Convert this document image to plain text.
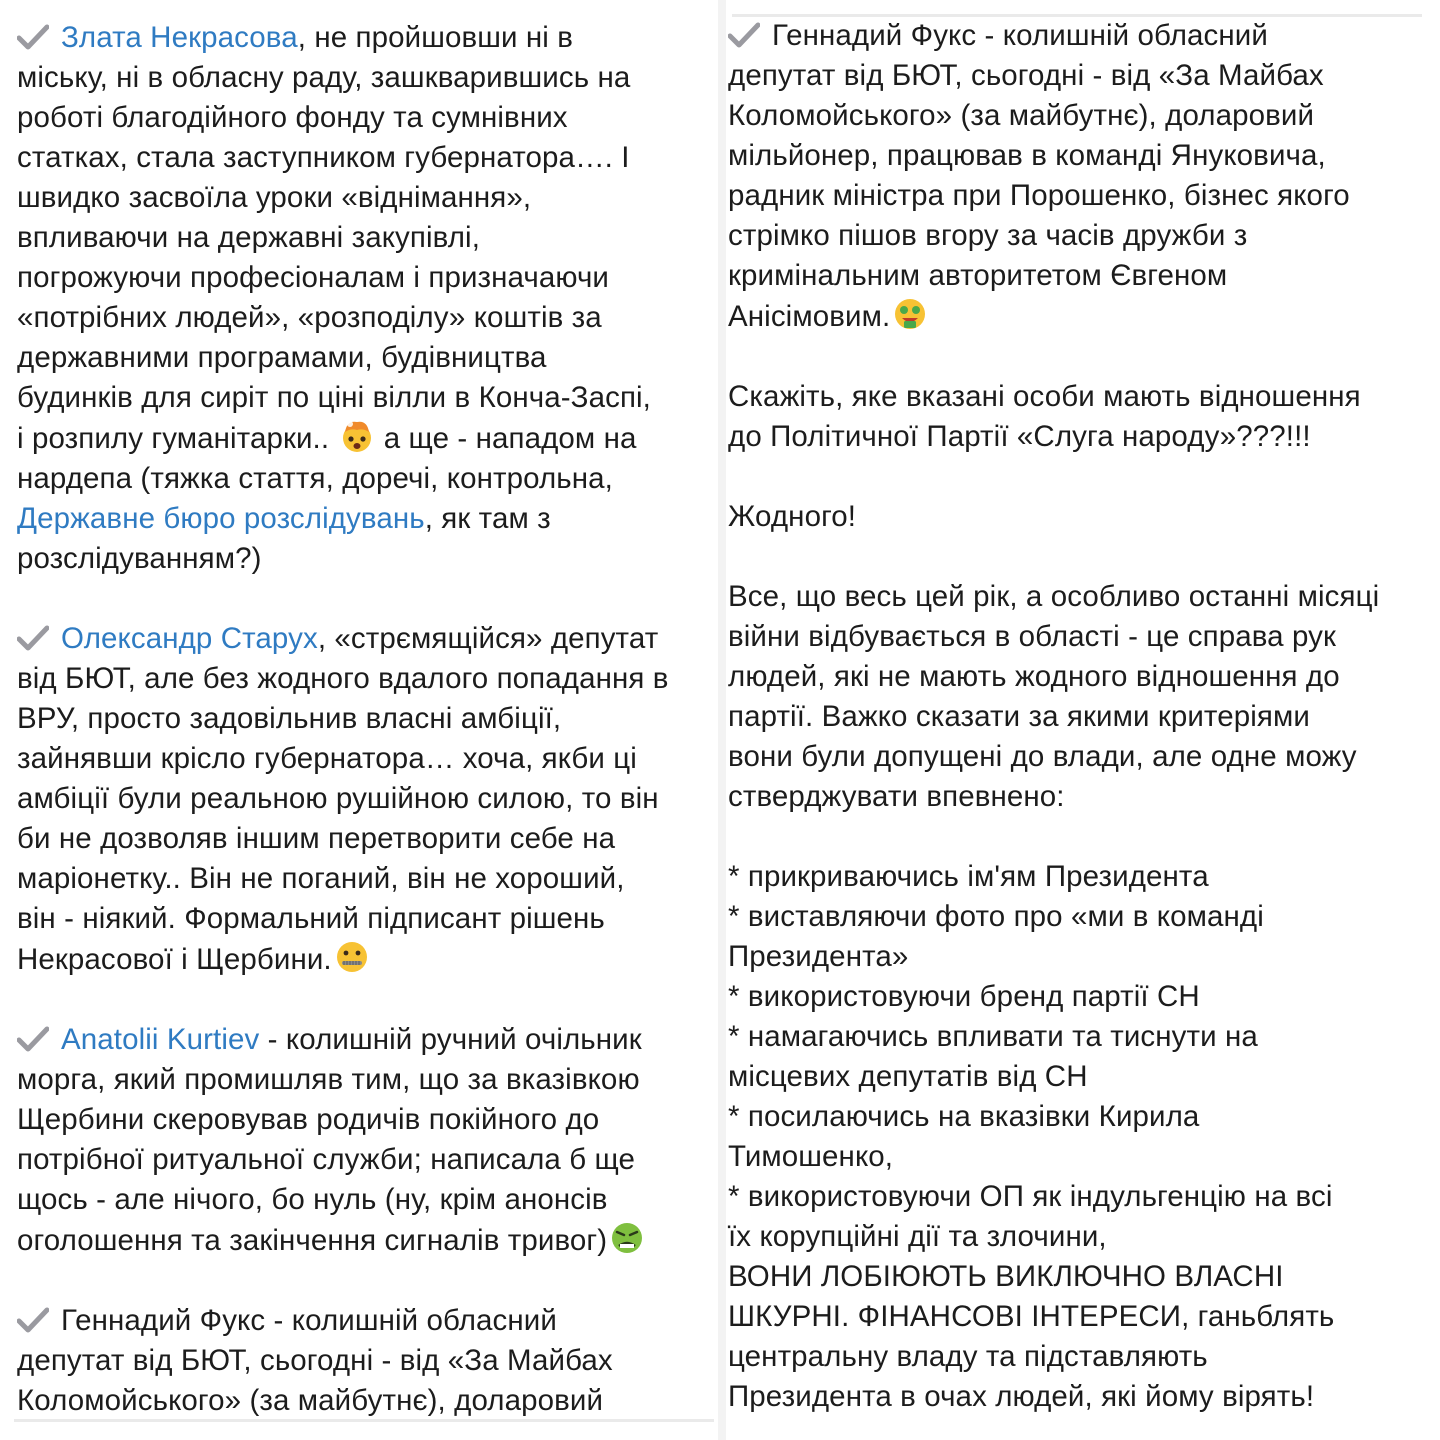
Злата Некрасова, не пройшовши ні в
міську, ні в обласну раду, зашкварившись на
роботі благодійного фонду та сумнівних
статках, стала заступником губернатора…. І
швидко засвоїла уроки «віднімання»,
впливаючи на державні закупівлі,
погрожуючи професіоналам і призначаючи
«потрібних людей», «розподілу» коштів за
державними програмами, будівництва
будинків для сиріт по ціні вілли в Конча-Заспі,
і розпилу гуманітарки..  а ще - нападом на
нардепа (тяжка стаття, доречі, контрольна,
Державне бюро розслідувань, як там з
розслідуванням?)
Олександр Старух, «стрємящійся» депутат
від БЮТ, але без жодного вдалого попадання в
ВРУ, просто задовільнив власні амбіції,
зайнявши крісло губернатора… хоча, якби ці
амбіції були реальною рушійною силою, то він
би не дозволяв іншим перетворити себе на
маріонетку.. Він не поганий, він не хороший,
він - ніякий. Формальний підписант рішень
Некрасової і Щербини.
Anatolii Kurtiev - колишній ручний очільник
морга, який промишляв тим, що за вказівкою
Щербини скеровував родичів покійного до
потрібної ритуальної служби; написала б ще
щось - але нічого, бо нуль (ну, крім анонсів
оголошення та закінчення сигналів тривог)
Геннадий Фукс - колишній обласний
депутат від БЮТ, сьогодні - від «За Майбах
Коломойського» (за майбутнє), доларовий
Геннадий Фукс - колишній обласний
депутат від БЮТ, сьогодні - від «За Майбах
Коломойського» (за майбутнє), доларовий
мільйонер, працював в команді Януковича,
радник міністра при Порошенко, бізнес якого
стрімко пішов вгору за часів дружби з
кримінальним авторитетом Євгеном
Анісімовим.
Скажіть, яке вказані особи мають відношення
до Політичної Партії «Слуга народу»???!!!
Жодного!
Все, що весь цей рік, а особливо останні місяці
війни відбувається в області - це справа рук
людей, які не мають жодного відношення до
партії. Важко сказати за якими критеріями
вони були допущені до влади, але одне можу
стверджувати впевнено:
* прикриваючись ім'ям Президента
* виставляючи фото про «ми в команді
Президента»
* використовуючи бренд партії СН
* намагаючись впливати та тиснути на
місцевих депутатів від СН
* посилаючись на вказівки Кирила
Тимошенко,
* використовуючи ОП як індульгенцію на всі
їх корупційні дії та злочини,
ВОНИ ЛОБІЮЮТЬ ВИКЛЮЧНО ВЛАСНІ
ШКУРНІ. ФІНАНСОВІ ІНТЕРЕСИ, ганьблять
центральну владу та підставляють
Президента в очах людей, які йому вірять!
